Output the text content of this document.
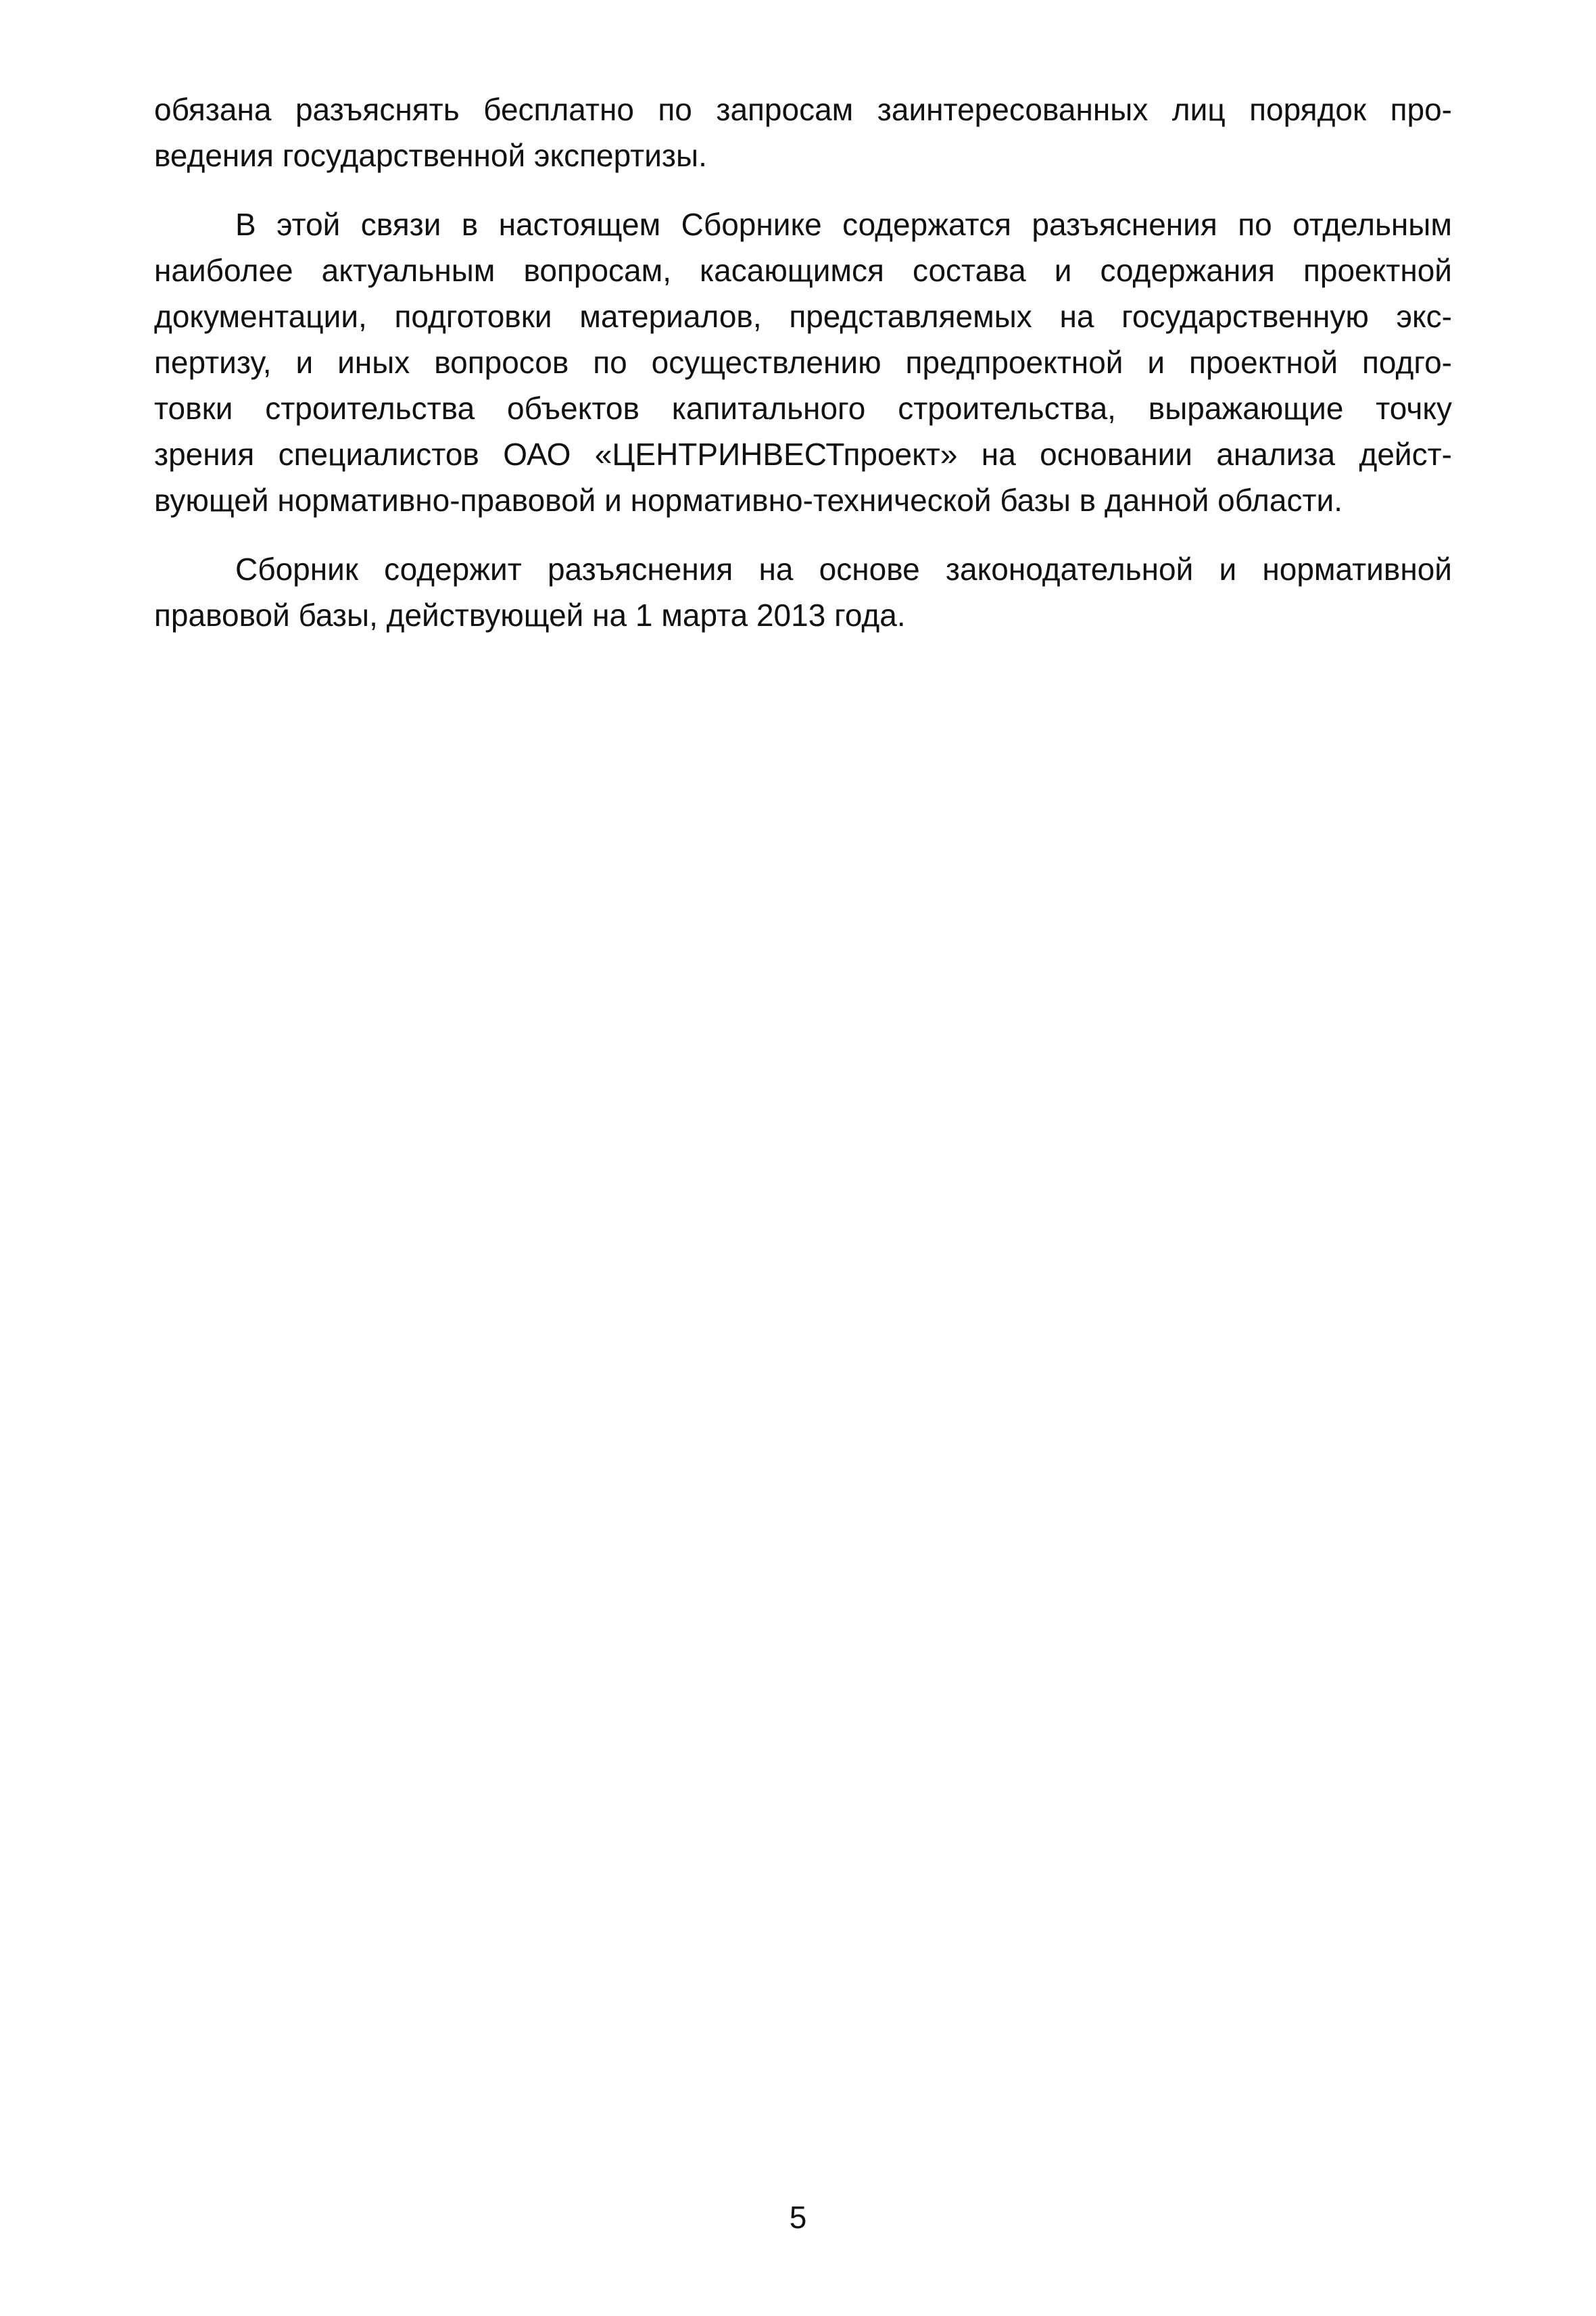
обязана разъяснять бесплатно по запросам заинтересованных лиц порядок про-
ведения государственной экспертизы.
В этой связи в настоящем Сборнике содержатся разъяснения по отдельным
наиболее актуальным вопросам, касающимся состава и содержания проектной
документации, подготовки материалов, представляемых на государственную экс-
пертизу, и иных вопросов по осуществлению предпроектной и проектной подго-
товки строительства объектов капитального строительства, выражающие точку
зрения специалистов ОАО «ЦЕНТРИНВЕСТпроект» на основании анализа дейст-
вующей нормативно-правовой и нормативно-технической базы в данной области.
Сборник содержит разъяснения на основе законодательной и нормативной
правовой базы, действующей на 1 марта 2013 года.
5
